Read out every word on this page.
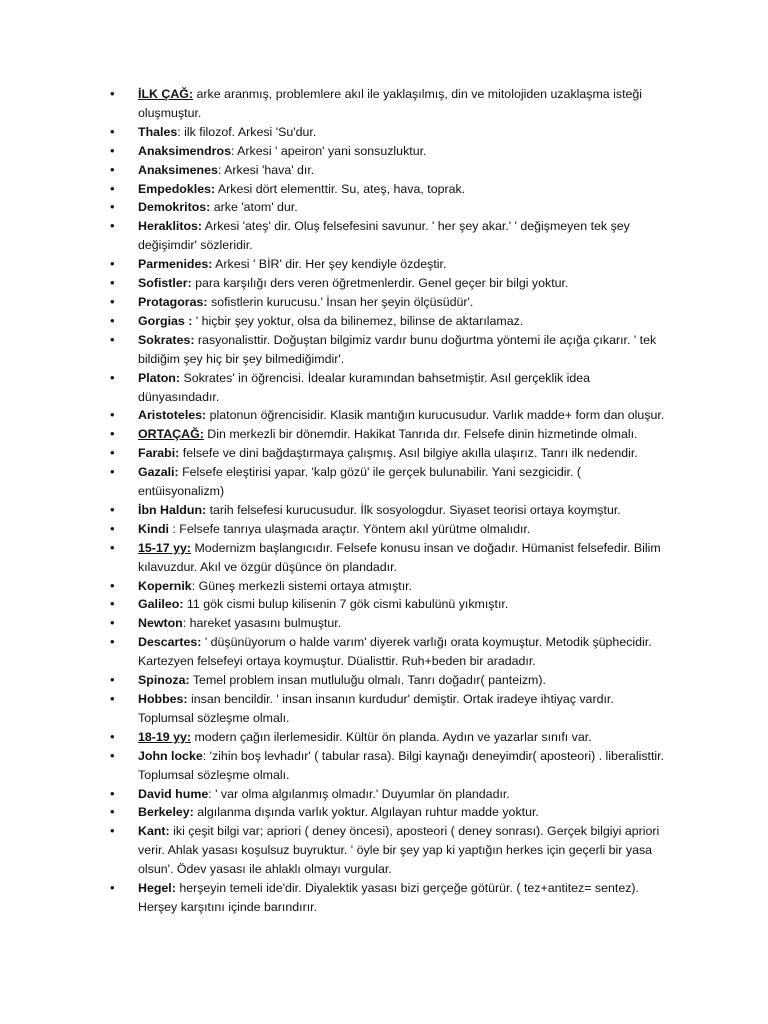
•	İLK ÇAĞ: arke aranmış, problemlere akıl ile yaklaşılmış, din ve mitolojiden uzaklaşma isteği oluşmuştur.
•	Thales: ilk filozof. Arkesi 'Su'dur.
•	Anaksimendros: Arkesi ' apeiron' yani sonsuzluktur.
•	Anaksimenes: Arkesi 'hava' dır.
•	Empedokles: Arkesi dört elementtir. Su, ateş, hava, toprak.
•	Demokritos: arke 'atom' dur.
•	Heraklitos: Arkesi 'ateş' dir. Oluş felsefesini savunur. ' her şey akar.' ' değişmeyen tek şey değişimdir' sözleridir.
•	Parmenides: Arkesi ' BİR' dir. Her şey kendiyle özdeştir.
•	Sofistler: para karşılığı ders veren öğretmenlerdir. Genel geçer bir bilgi yoktur.
•	Protagoras: sofistlerin kurucusu.' İnsan her şeyin ölçüsüdür'.
•	Gorgias : ' hiçbir şey yoktur, olsa da bilinemez, bilinse de aktarılamaz.
•	Sokrates: rasyonalisttir. Doğuştan bilgimiz vardır bunu doğurtma yöntemi ile açığa çıkarır. ' tek bildiğim şey hiç bir şey bilmediğimdir'.
•	Platon: Sokrates' in öğrencisi. İdealar kuramından bahsetmiştir. Asıl gerçeklik idea dünyasındadır.
•	Aristoteles: platonun öğrencisidir. Klasik mantığın kurucusudur. Varlık madde+ form dan oluşur.
•	ORTAÇAĞ: Din merkezli bir dönemdir. Hakikat Tanrıda dır. Felsefe dinin hizmetinde olmalı.
•	Farabi: felsefe ve dini bağdaştırmaya çalışmış. Asıl bilgiye akılla ulaşırız. Tanrı ilk nedendir.
•	Gazali: Felsefe eleştirisi yapar. 'kalp gözü' ile gerçek bulunabilir. Yani sezgicidir. ( entüisyonalizm)
•	İbn Haldun: tarih felsefesi kurucusudur. İlk sosyologdur. Siyaset teorisi ortaya koymştur.
•	Kindi : Felsefe tanrıya ulaşmada araçtır. Yöntem akıl yürütme olmalıdır.
•	15-17 yy: Modernizm başlangıcıdır. Felsefe konusu insan ve doğadır. Hümanist felsefedir. Bilim kılavuzdur. Akıl ve özgür düşünce ön plandadır.
•	Kopernik: Güneş merkezli sistemi ortaya atmıştır.
•	Galileo: 11 gök cismi bulup kilisenin 7 gök cismi kabulünü yıkmıştır.
•	Newton: hareket yasasını bulmuştur.
•	Descartes: ' düşünüyorum o halde varım' diyerek varlığı orata koymuştur. Metodik şüphecidir. Kartezyen felsefeyi ortaya koymuştur. Düalisttir. Ruh+beden bir aradadır.
•	Spinoza: Temel problem insan mutluluğu olmalı. Tanrı doğadır( panteizm).
•	Hobbes: insan bencildir. ' insan insanın kurdudur' demiştir. Ortak iradeye ihtiyaç vardır. Toplumsal sözleşme olmalı.
•	18-19 yy: modern çağın ilerlemesidir. Kültür ön planda. Aydın ve yazarlar sınıfı var.
•	John locke: 'zihin boş levhadır' ( tabular rasa). Bilgi kaynağı deneyimdir( aposteori) . liberalisttir. Toplumsal sözleşme olmalı.
•	David hume: ' var olma algılanmış olmadır.' Duyumlar ön plandadır.
•	Berkeley: algılanma dışında varlık yoktur. Algılayan ruhtur madde yoktur.
•	Kant: iki çeşit bilgi var; apriori ( deney öncesi), aposteori ( deney sonrası). Gerçek bilgiyi apriori verir. Ahlak yasası koşulsuz buyruktur. ' öyle bir şey yap ki yaptığın herkes için geçerli bir yasa olsun'. Ödev yasası ile ahlaklı olmayı vurgular.
•	Hegel: herşeyin temeli ide'dir. Diyalektik yasası bizi gerçeğe götürür. ( tez+antitez= sentez). Herşey karşıtını içinde barındırır.
